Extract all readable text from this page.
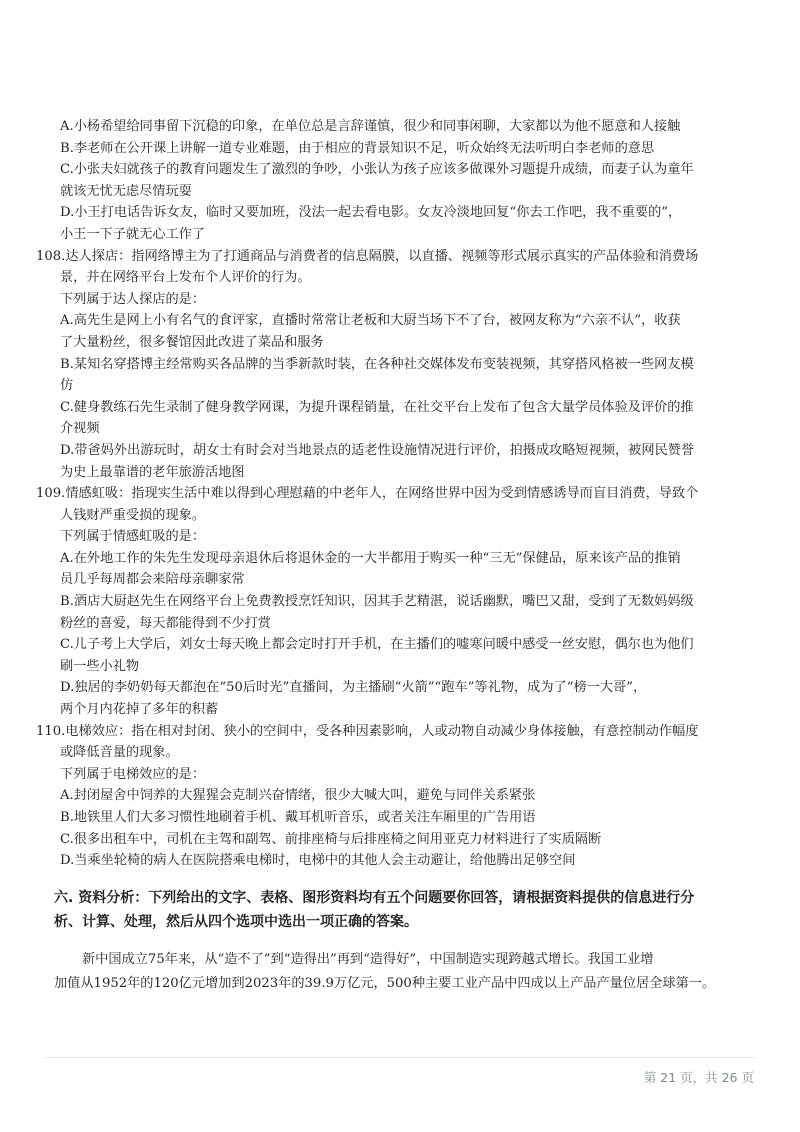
A.小杨希望给同事留下沉稳的印象，在单位总是言辞谨慎，很少和同事闲聊，大家都以为他不愿意和人接触
B.李老师在公开课上讲解一道专业难题，由于相应的背景知识不足，听众始终无法听明白李老师的意思
C.小张夫妇就孩子的教育问题发生了激烈的争吵，小张认为孩子应该多做课外习题提升成绩，而妻子认为童年
就该无忧无虑尽情玩耍
D.小王打电话告诉女友，临时又要加班，没法一起去看电影。女友冷淡地回复“你去工作吧，我不重要的”，
小王一下子就无心工作了
108.达人探店：指网络博主为了打通商品与消费者的信息隔膜，以直播、视频等形式展示真实的产品体验和消费场
景，并在网络平台上发布个人评价的行为。
下列属于达人探店的是：
A.高先生是网上小有名气的食评家，直播时常常让老板和大厨当场下不了台，被网友称为“六亲不认”，收获
了大量粉丝，很多餐馆因此改进了菜品和服务
B.某知名穿搭博主经常购买各品牌的当季新款时装，在各种社交媒体发布变装视频，其穿搭风格被一些网友模
仿
C.健身教练石先生录制了健身教学网课，为提升课程销量，在社交平台上发布了包含大量学员体验及评价的推
介视频
D.带爸妈外出游玩时，胡女士有时会对当地景点的适老性设施情况进行评价，拍摄成攻略短视频，被网民赞誉
为史上最靠谱的老年旅游活地图
109.情感虹吸：指现实生活中难以得到心理慰藉的中老年人，在网络世界中因为受到情感诱导而盲目消费，导致个
人钱财严重受损的现象。
下列属于情感虹吸的是：
A.在外地工作的朱先生发现母亲退休后将退休金的一大半都用于购买一种“三无”保健品，原来该产品的推销
员几乎每周都会来陪母亲聊家常
B.酒店大厨赵先生在网络平台上免费教授烹饪知识，因其手艺精湛，说话幽默，嘴巴又甜，受到了无数妈妈级
粉丝的喜爱，每天都能得到不少打赏
C.儿子考上大学后，刘女士每天晚上都会定时打开手机，在主播们的嘘寒问暖中感受一丝安慰，偶尔也为他们
刷一些小礼物
D.独居的李奶奶每天都泡在“50后时光”直播间，为主播刷“火箭”“跑车”等礼物，成为了“榜一大哥”，
两个月内花掉了多年的积蓄
110.电梯效应：指在相对封闭、狭小的空间中，受各种因素影响，人或动物自动减少身体接触，有意控制动作幅度
或降低音量的现象。
下列属于电梯效应的是：
A.封闭屋舍中饲养的大猩猩会克制兴奋情绪，很少大喊大叫，避免与同伴关系紧张
B.地铁里人们大多习惯性地刷着手机、戴耳机听音乐，或者关注车厢里的广告用语
C.很多出租车中，司机在主驾和副驾、前排座椅与后排座椅之间用亚克力材料进行了实质隔断
D.当乘坐轮椅的病人在医院搭乘电梯时，电梯中的其他人会主动避让，给他腾出足够空间
六. 资料分析：下列给出的文字、表格、图形资料均有五个问题要你回答，请根据资料提供的信息进行分
析、计算、处理，然后从四个选项中选出一项正确的答案。
新中国成立75年来，从“造不了”到“造得出”再到“造得好”，中国制造实现跨越式增长。我国工业增
加值从1952年的120亿元增加到2023年的39.9万亿元，500种主要工业产品中四成以上产品产量位居全球第一。
第 21 页，共 26 页
